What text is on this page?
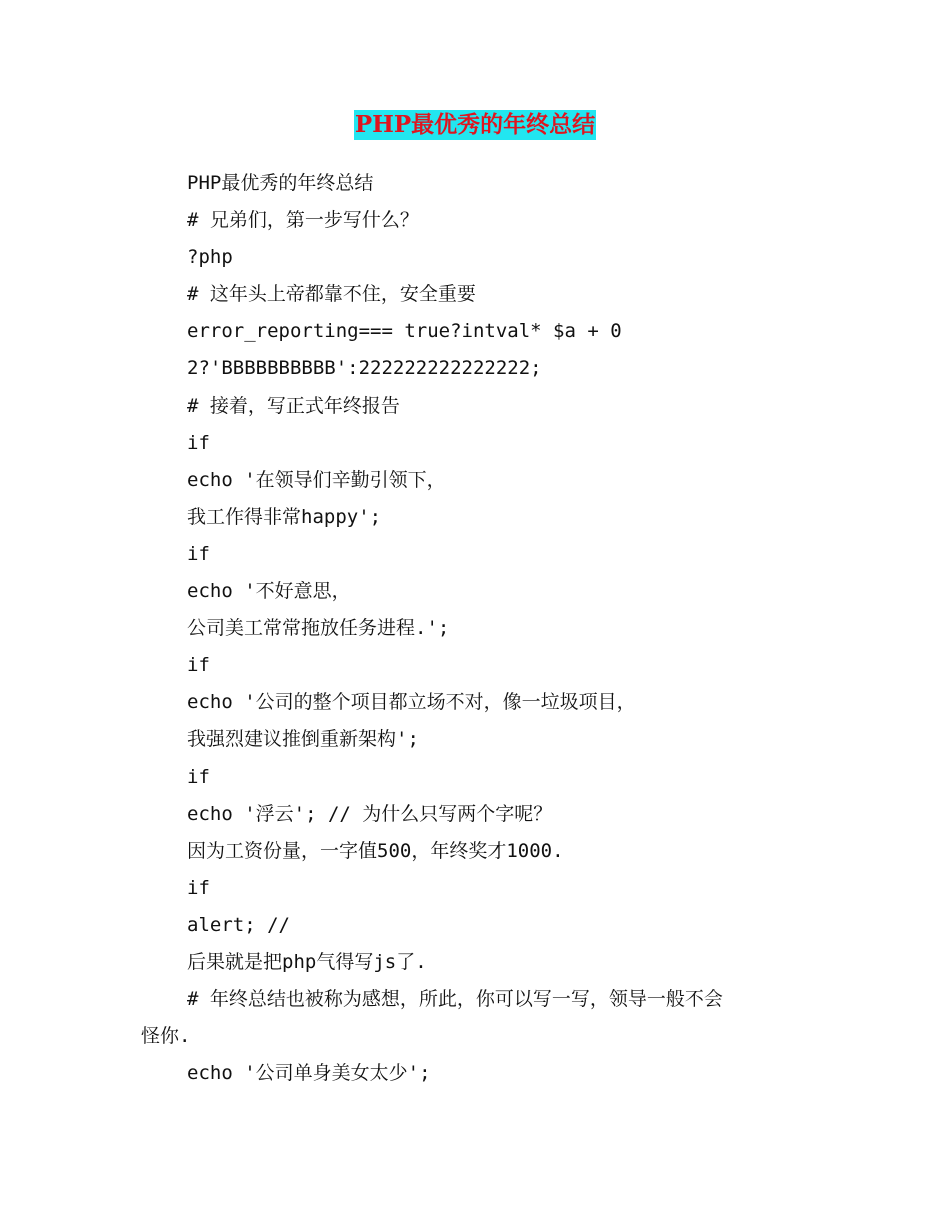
PHP最优秀的年终总结
PHP最优秀的年终总结
# 兄弟们，第一步写什么？
?php
# 这年头上帝都靠不住，安全重要
error_reporting=== true?intval* $a + 0
2?'BBBBBBBBBB':222222222222222;
# 接着，写正式年终报告
if
echo '在领导们辛勤引领下，
我工作得非常happy';
if
echo '不好意思，
公司美工常常拖放任务进程.';
if
echo '公司的整个项目都立场不对，像一垃圾项目，
我强烈建议推倒重新架构';
if
echo '浮云'; // 为什么只写两个字呢？
因为工资份量，一字值500，年终奖才1000.
if
alert; //
后果就是把php气得写js了.
# 年终总结也被称为感想，所此，你可以写一写，领导一般不会
怪你.
echo '公司单身美女太少';
